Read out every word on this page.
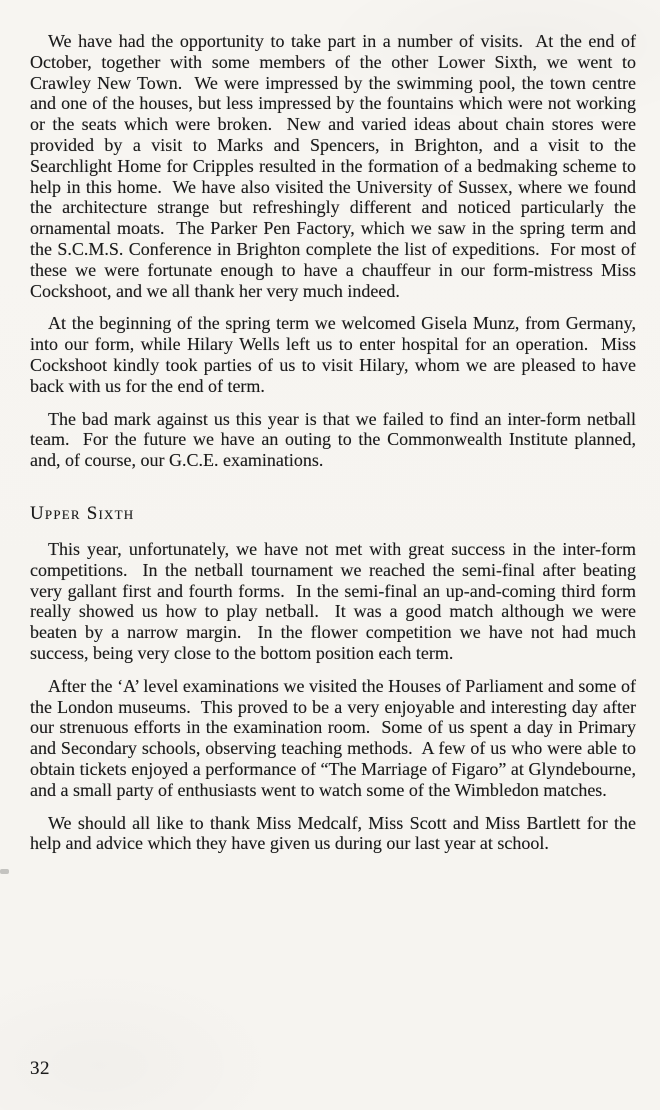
We have had the opportunity to take part in a number of visits.  At the end of October, together with some members of the other Lower Sixth, we went to Crawley New Town.  We were impressed by the swimming pool, the town centre and one of the houses, but less impressed by the fountains which were not working or the seats which were broken.  New and varied ideas about chain stores were provided by a visit to Marks and Spencers, in Brighton, and a visit to the Searchlight Home for Cripples resulted in the formation of a bedmaking scheme to help in this home.  We have also visited the University of Sussex, where we found the architecture strange but refreshingly different and noticed particularly the ornamental moats.  The Parker Pen Factory, which we saw in the spring term and the S.C.M.S. Conference in Brighton complete the list of expeditions.  For most of these we were fortunate enough to have a chauffeur in our form-mistress Miss Cockshoot, and we all thank her very much indeed.

At the beginning of the spring term we welcomed Gisela Munz, from Germany, into our form, while Hilary Wells left us to enter hospital for an operation.  Miss Cockshoot kindly took parties of us to visit Hilary, whom we are pleased to have back with us for the end of term.

The bad mark against us this year is that we failed to find an inter-form netball team.  For the future we have an outing to the Commonwealth Institute planned, and, of course, our G.C.E. examinations.

Upper Sixth

This year, unfortunately, we have not met with great success in the inter-form competitions.  In the netball tournament we reached the semi-final after beating very gallant first and fourth forms.  In the semi-final an up-and-coming third form really showed us how to play netball.  It was a good match although we were beaten by a narrow margin.  In the flower competition we have not had much success, being very close to the bottom position each term.

After the ‘A’ level examinations we visited the Houses of Parliament and some of the London museums.  This proved to be a very enjoyable and interesting day after our strenuous efforts in the examination room.  Some of us spent a day in Primary and Secondary schools, observing teaching methods.  A few of us who were able to obtain tickets enjoyed a performance of “The Marriage of Figaro” at Glyndebourne, and a small party of enthusiasts went to watch some of the Wimbledon matches.

We should all like to thank Miss Medcalf, Miss Scott and Miss Bartlett for the help and advice which they have given us during our last year at school.

32
